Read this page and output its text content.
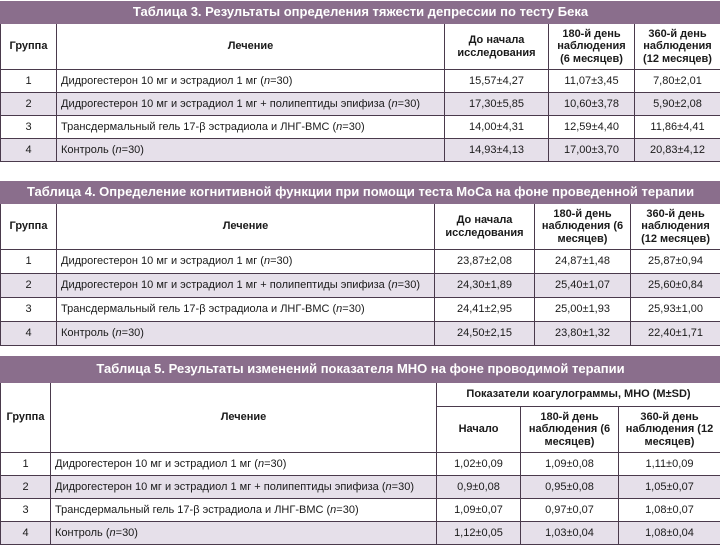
Таблица 3. Результаты определения тяжести депрессии по тесту Бека				
Группа	Лечение	До начала исследования	180-й день наблюдения (6 месяцев)	360-й день наблюдения (12 месяцев)
1	Дидрогестерон 10 мг и эстрадиол 1 мг (n=30)	15,57±4,27	11,07±3,45	7,80±2,01
2	Дидрогестерон 10 мг и эстрадиол 1 мг + полипептиды эпифиза (n=30)	17,30±5,85	10,60±3,78	5,90±2,08
3	Трансдермальный гель 17-β эстрадиола и ЛНГ-ВМС (n=30)	14,00±4,31	12,59±4,40	11,86±4,41
4	Контроль (n=30)	14,93±4,13	17,00±3,70	20,83±4,12
Таблица 4. Определение когнитивной функции при помощи теста МоСа на фоне проведенной терапии				
Группа	Лечение	До начала исследования	180-й день наблюдения (6 месяцев)	360-й день наблюдения (12 месяцев)
1	Дидрогестерон 10 мг и эстрадиол 1 мг (n=30)	23,87±2,08	24,87±1,48	25,87±0,94
2	Дидрогестерон 10 мг и эстрадиол 1 мг + полипептиды эпифиза (n=30)	24,30±1,89	25,40±1,07	25,60±0,84
3	Трансдермальный гель 17-β эстрадиола и ЛНГ-ВМС (n=30)	24,41±2,95	25,00±1,93	25,93±1,00
4	Контроль (n=30)	24,50±2,15	23,80±1,32	22,40±1,71
Таблица 5. Результаты изменений показателя МНО на фоне проводимой терапии				
Группа	Лечение	Показатели коагулограммы, МНО (M±SD)		
		Начало	180-й день наблюдения (6 месяцев)	360-й день наблюдения (12 месяцев)
1	Дидрогестерон 10 мг и эстрадиол 1 мг (n=30)	1,02±0,09	1,09±0,08	1,11±0,09
2	Дидрогестерон 10 мг и эстрадиол 1 мг + полипептиды эпифиза (n=30)	0,9±0,08	0,95±0,08	1,05±0,07
3	Трансдермальный гель 17-β эстрадиола и ЛНГ-ВМС (n=30)	1,09±0,07	0,97±0,07	1,08±0,07
4	Контроль (n=30)	1,12±0,05	1,03±0,04	1,08±0,04
